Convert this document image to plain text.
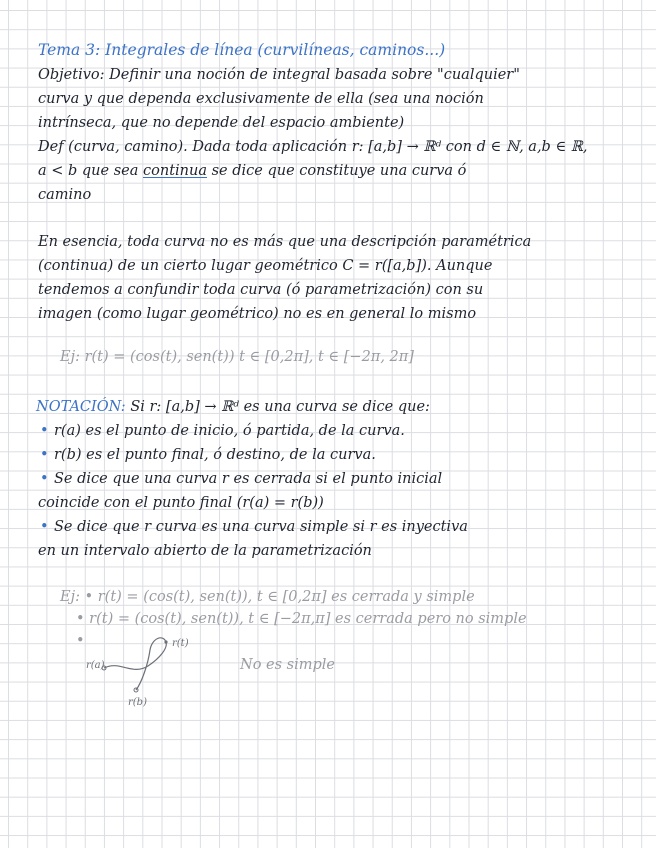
Tema 3: Integrales de línea (curvilíneas, caminos...)
Objetivo: Definir una noción de integral basada sobre "cualquier"
curva y que dependa exclusivamente de ella (sea una noción
intrínseca, que no depende del espacio ambiente)
Def (curva, camino). Dada toda aplicación r: [a,b] → ℝᵈ con d ∈ ℕ, a,b ∈ ℝ,
a < b que sea continua se dice que constituye una curva ó
camino
En esencia, toda curva no es más que una descripción paramétrica
(continua) de un cierto lugar geométrico C = r([a,b]). Aunque
tendemos a confundir toda curva (ó parametrización) con su
imagen (como lugar geométrico) no es en general lo mismo
Ej: r(t) = (cos(t), sen(t)) t ∈ [0,2π], t ∈ [−2π, 2π]
NOTACIÓN: Si r: [a,b] → ℝᵈ es una curva se dice que:
• r(a) es el punto de inicio, ó partida, de la curva.
• r(b) es el punto final, ó destino, de la curva.
• Se dice que una curva r es cerrada si el punto inicial
coincide con el punto final (r(a) = r(b))
• Se dice que r curva es una curva simple si r es inyectiva
en un intervalo abierto de la parametrización
Ej: • r(t) = (cos(t), sen(t)), t ∈ [0,2π] es cerrada y simple
• r(t) = (cos(t), sen(t)), t ∈ [−2π,π] es cerrada pero no simple
•
r(a)
r(t)
r(b)
No es simple
